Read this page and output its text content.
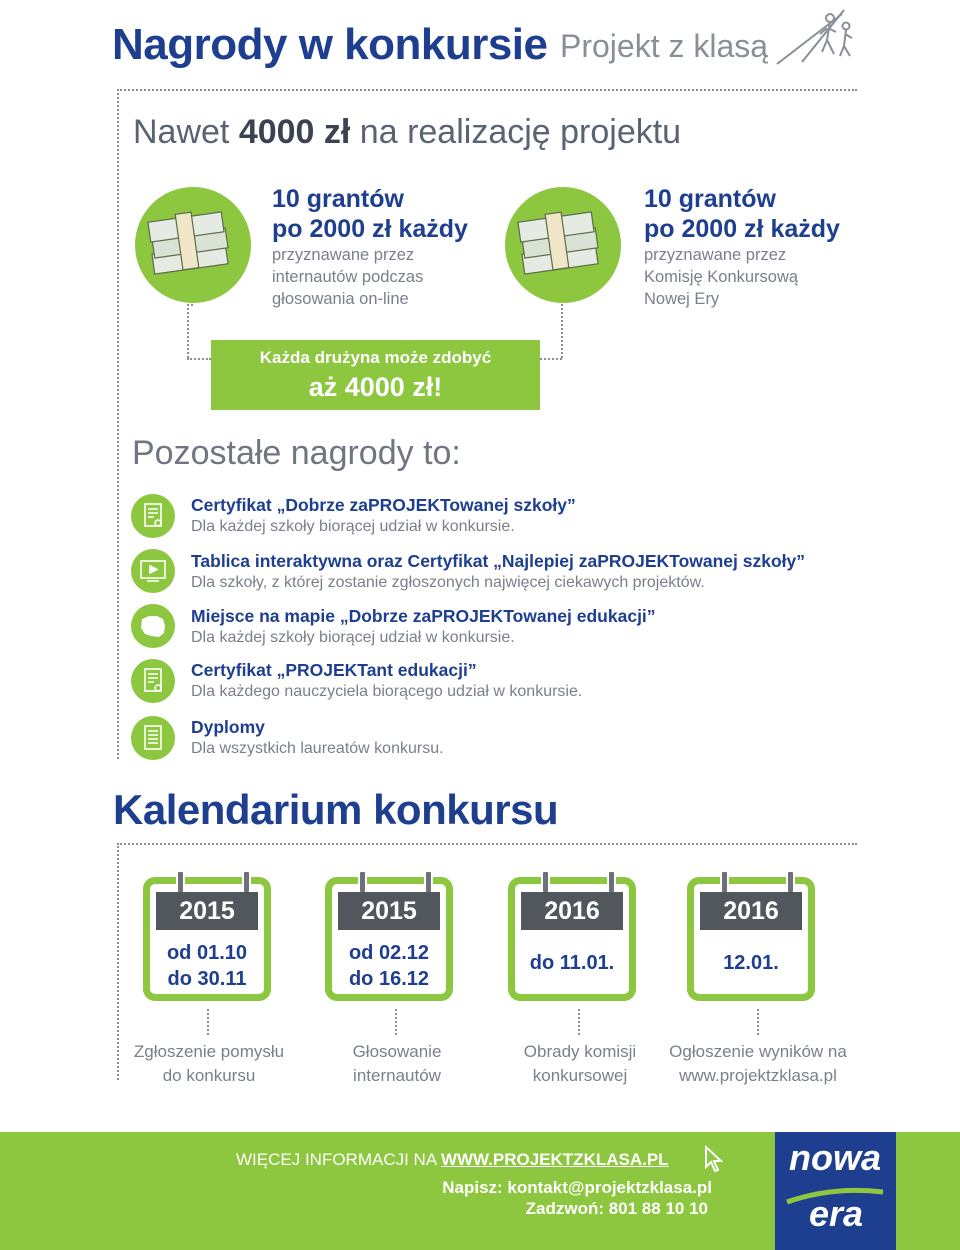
Nagrody w konkursie Projekt z klasą
Nawet 4000 zł na realizację projektu
10 grantów
po 2000 zł każdy
przyznawane przez
internautów podczas
głosowania on-line
10 grantów
po 2000 zł każdy
przyznawane przez
Komisję Konkursową
Nowej Ery
Każda drużyna może zdobyć
aż 4000 zł!
Pozostałe nagrody to:
Certyfikat „Dobrze zaPROJEKTowanej szkoły”
Dla każdej szkoły biorącej udział w konkursie.
Tablica interaktywna oraz Certyfikat „Najlepiej zaPROJEKTowanej szkoły”
Dla szkoły, z której zostanie zgłoszonych najwięcej ciekawych projektów.
Miejsce na mapie „Dobrze zaPROJEKTowanej edukacji”
Dla każdej szkoły biorącej udział w konkursie.
Certyfikat „PROJEKTant edukacji”
Dla każdego nauczyciela biorącego udział w konkursie.
Dyplomy
Dla wszystkich laureatów konkursu.
Kalendarium konkursu
2015
od 01.10
do 30.11
2015
od 02.12
do 16.12
2016
do 11.01.
2016
12.01.
Zgłoszenie pomysłu
do konkursu
Głosowanie
internautów
Obrady komisji
konkursowej
Ogłoszenie wyników na
www.projektzklasa.pl
WIĘCEJ INFORMACJI NA WWW.PROJEKTZKLASA.PL
Napisz: kontakt@projektzklasa.pl
Zadzwoń: 801 88 10 10
nowa
era
